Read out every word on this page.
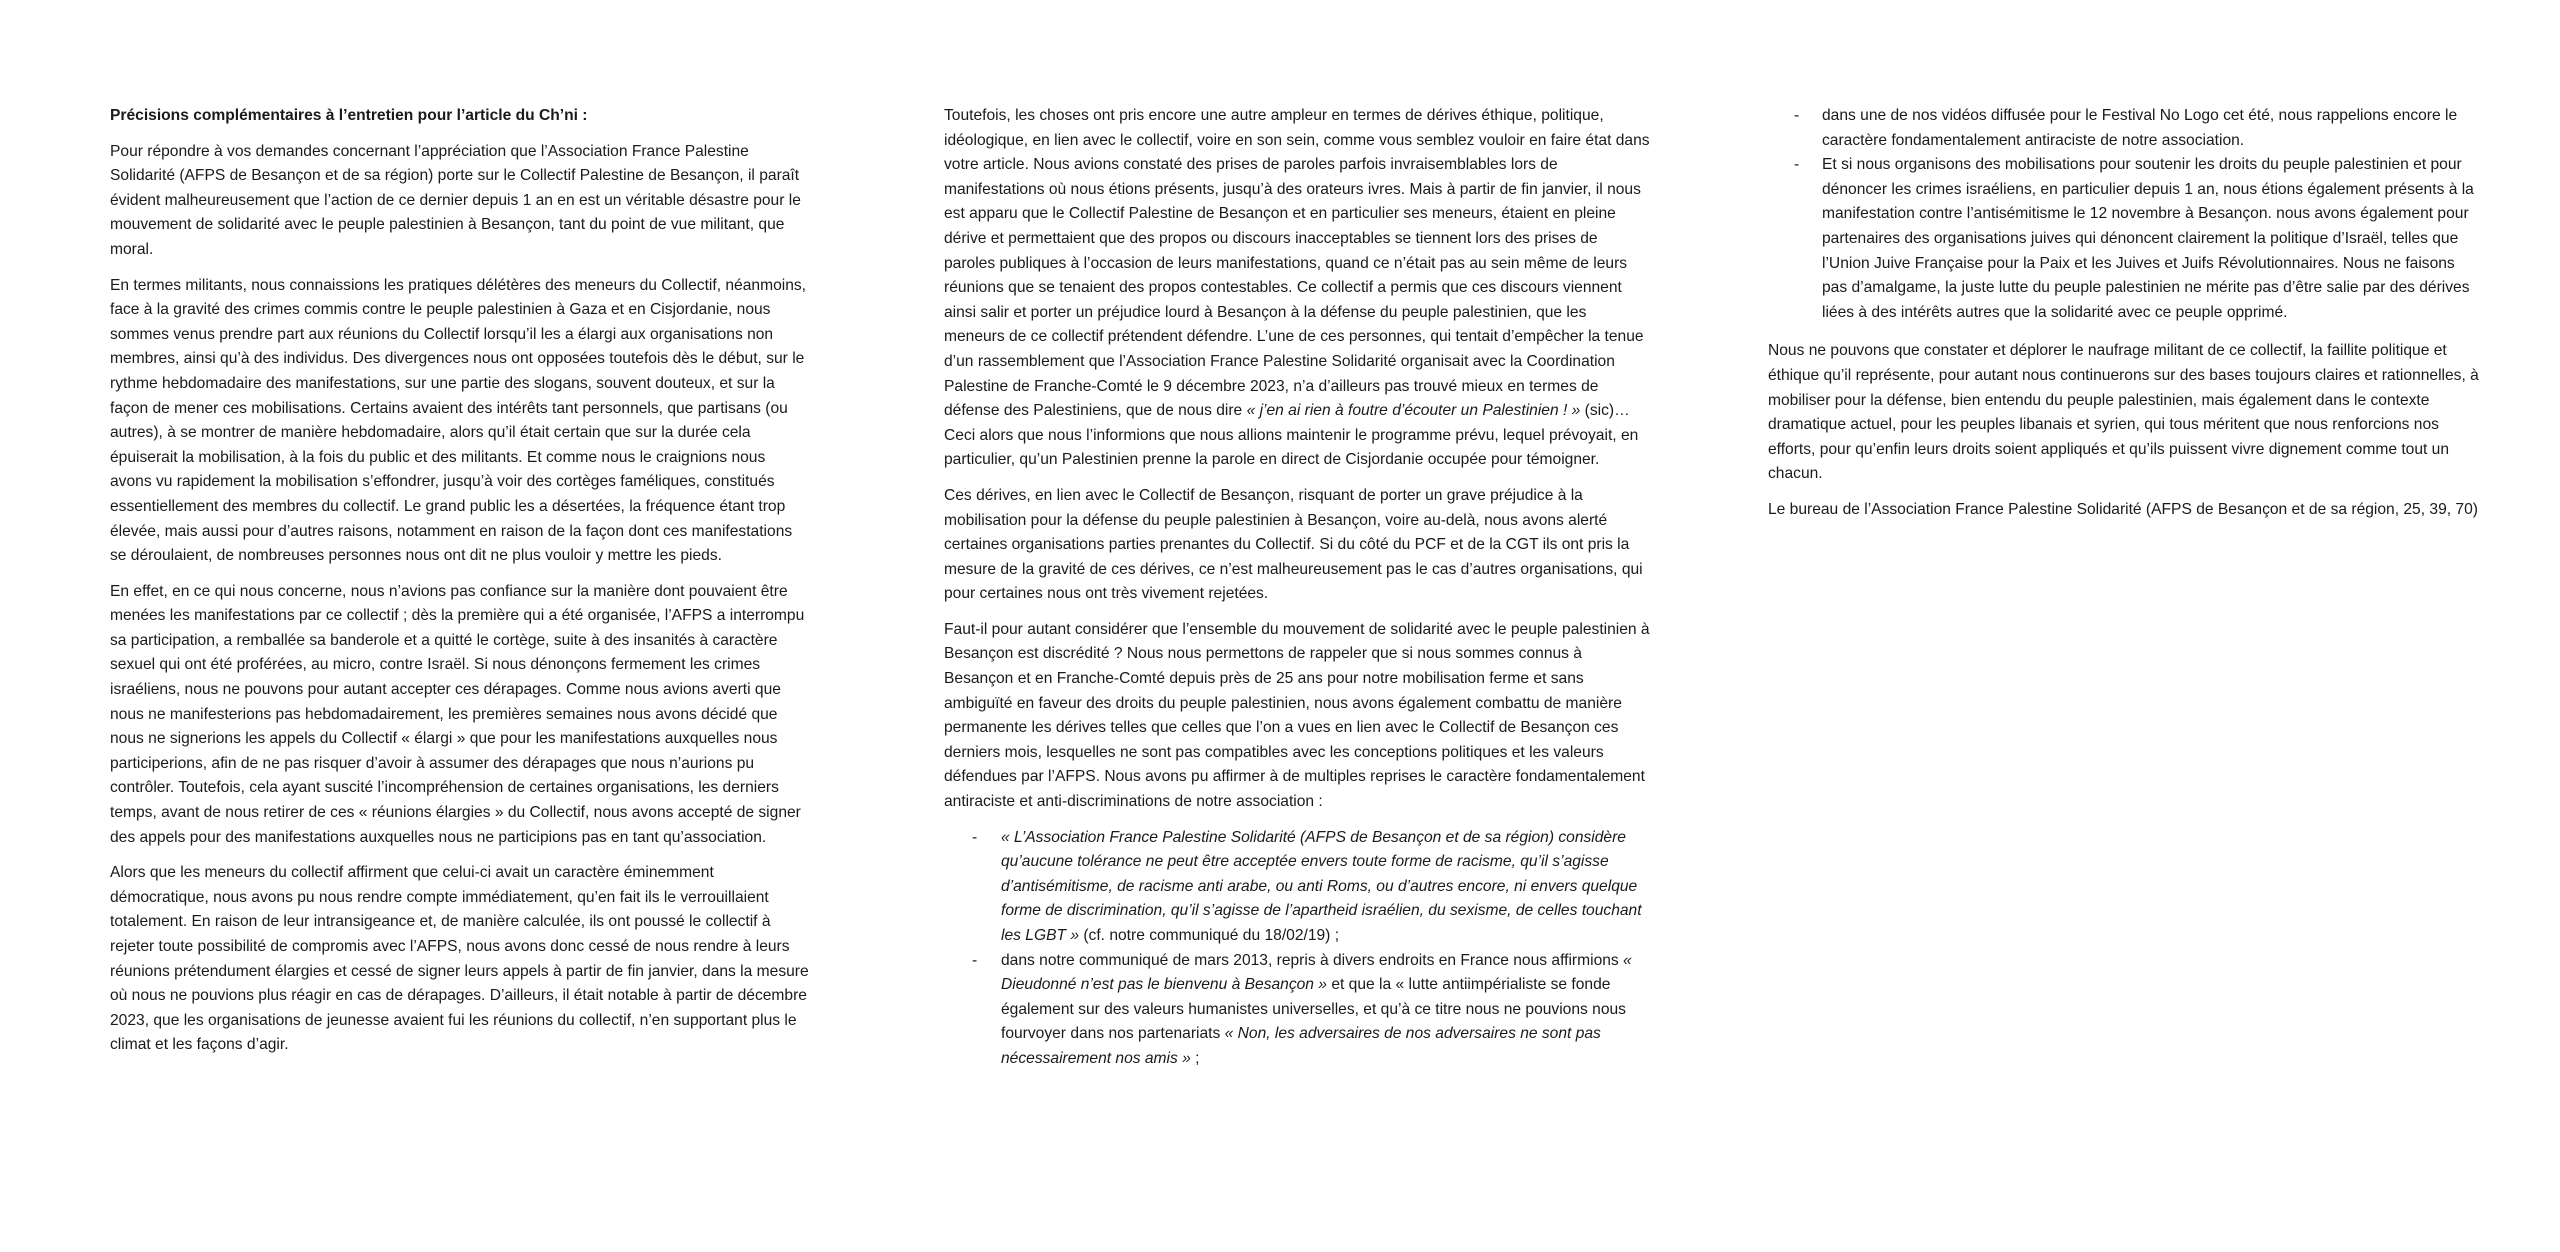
Précisions complémentaires à l’entretien pour l’article du Ch’ni :

Pour répondre à vos demandes concernant l’appréciation que l’Association France Palestine Solidarité (AFPS de Besançon et de sa région) porte sur le Collectif Palestine de Besançon, il paraît évident malheureusement que l’action de ce dernier depuis 1 an en est un véritable désastre pour le mouvement de solidarité avec le peuple palestinien à Besançon, tant du point de vue militant, que moral.

En termes militants, nous connaissions les pratiques délétères des meneurs du Collectif, néanmoins, face à la gravité des crimes commis contre le peuple palestinien à Gaza et en Cisjordanie, nous sommes venus prendre part aux réunions du Collectif lorsqu’il les a élargi aux organisations non membres, ainsi qu’à des individus. Des divergences nous ont opposées toutefois dès le début, sur le rythme hebdomadaire des manifestations, sur une partie des slogans, souvent douteux, et sur la façon de mener ces mobilisations. Certains avaient des intérêts tant personnels, que partisans (ou autres), à se montrer de manière hebdomadaire, alors qu’il était certain que sur la durée cela épuiserait la mobilisation, à la fois du public et des militants. Et comme nous le craignions nous avons vu rapidement la mobilisation s’effondrer, jusqu’à voir des cortèges faméliques, constitués essentiellement des membres du collectif. Le grand public les a désertées, la fréquence étant trop élevée, mais aussi pour d’autres raisons, notamment en raison de la façon dont ces manifestations se déroulaient, de nombreuses personnes nous ont dit ne plus vouloir y mettre les pieds.

En effet, en ce qui nous concerne, nous n’avions pas confiance sur la manière dont pouvaient être menées les manifestations par ce collectif ; dès la première qui a été organisée, l’AFPS a interrompu sa participation, a remballée sa banderole et a quitté le cortège, suite à des insanités à caractère sexuel qui ont été proférées, au micro, contre Israël. Si nous dénonçons fermement les crimes israéliens, nous ne pouvons pour autant accepter ces dérapages. Comme nous avions averti que nous ne manifesterions pas hebdomadairement, les premières semaines nous avons décidé que nous ne signerions les appels du Collectif « élargi » que pour les manifestations auxquelles nous participerions, afin de ne pas risquer d’avoir à assumer des dérapages que nous n’aurions pu contrôler. Toutefois, cela ayant suscité l’incompréhension de certaines organisations, les derniers temps, avant de nous retirer de ces « réunions élargies » du Collectif, nous avons accepté de signer des appels pour des manifestations auxquelles nous ne participions pas en tant qu’association.

Alors que les meneurs du collectif affirment que celui-ci avait un caractère éminemment démocratique, nous avons pu nous rendre compte immédiatement, qu’en fait ils le verrouillaient totalement. En raison de leur intransigeance et, de manière calculée, ils ont poussé le collectif à rejeter toute possibilité de compromis avec l’AFPS, nous avons donc cessé de nous rendre à leurs réunions prétendument élargies et cessé de signer leurs appels à partir de fin janvier, dans la mesure où nous ne pouvions plus réagir en cas de dérapages. D’ailleurs, il était notable à partir de décembre 2023, que les organisations de jeunesse avaient fui les réunions du collectif, n’en supportant plus le climat et les façons d’agir.

Toutefois, les choses ont pris encore une autre ampleur en termes de dérives éthique, politique, idéologique, en lien avec le collectif, voire en son sein, comme vous semblez vouloir en faire état dans votre article. Nous avions constaté des prises de paroles parfois invraisemblables lors de manifestations où nous étions présents, jusqu’à des orateurs ivres. Mais à partir de fin janvier, il nous est apparu que le Collectif Palestine de Besançon et en particulier ses meneurs, étaient en pleine dérive et permettaient que des propos ou discours inacceptables se tiennent lors des prises de paroles publiques à l’occasion de leurs manifestations, quand ce n’était pas au sein même de leurs réunions que se tenaient des propos contestables. Ce collectif a permis que ces discours viennent ainsi salir et porter un préjudice lourd à Besançon à la défense du peuple palestinien, que les meneurs de ce collectif prétendent défendre. L’une de ces personnes, qui tentait d’empêcher la tenue d’un rassemblement que l’Association France Palestine Solidarité organisait avec la Coordination Palestine de Franche-Comté le 9 décembre 2023, n’a d’ailleurs pas trouvé mieux en termes de défense des Palestiniens, que de nous dire « j’en ai rien à foutre d’écouter un Palestinien ! » (sic)… Ceci alors que nous l’informions que nous allions maintenir le programme prévu, lequel prévoyait, en particulier, qu’un Palestinien prenne la parole en direct de Cisjordanie occupée pour témoigner.

Ces dérives, en lien avec le Collectif de Besançon, risquant de porter un grave préjudice à la mobilisation pour la défense du peuple palestinien à Besançon, voire au-delà, nous avons alerté certaines organisations parties prenantes du Collectif. Si du côté du PCF et de la CGT ils ont pris la mesure de la gravité de ces dérives, ce n’est malheureusement pas le cas d’autres organisations, qui pour certaines nous ont très vivement rejetées.

Faut-il pour autant considérer que l’ensemble du mouvement de solidarité avec le peuple palestinien à Besançon est discrédité ? Nous nous permettons de rappeler que si nous sommes connus à Besançon et en Franche-Comté depuis près de 25 ans pour notre mobilisation ferme et sans ambiguïté en faveur des droits du peuple palestinien, nous avons également combattu de manière permanente les dérives telles que celles que l’on a vues en lien avec le Collectif de Besançon ces derniers mois, lesquelles ne sont pas compatibles avec les conceptions politiques et les valeurs défendues par l’AFPS. Nous avons pu affirmer à de multiples reprises le caractère fondamentalement antiraciste et anti-discriminations de notre association :

- « L’Association France Palestine Solidarité (AFPS de Besançon et de sa région) considère qu’aucune tolérance ne peut être acceptée envers toute forme de racisme, qu’il s’agisse d’antisémitisme, de racisme anti arabe, ou anti Roms, ou d’autres encore, ni envers quelque forme de discrimination, qu’il s’agisse de l’apartheid israélien, du sexisme, de celles touchant les LGBT » (cf. notre communiqué du 18/02/19) ;
- dans notre communiqué de mars 2013, repris à divers endroits en France nous affirmions « Dieudonné n’est pas le bienvenu à Besançon » et que la « lutte antiimpérialiste se fonde également sur des valeurs humanistes universelles, et qu’à ce titre nous ne pouvions nous fourvoyer dans nos partenariats « Non, les adversaires de nos adversaires ne sont pas nécessairement nos amis » ;
- dans une de nos vidéos diffusée pour le Festival No Logo cet été, nous rappelions encore le caractère fondamentalement antiraciste de notre association.
- Et si nous organisons des mobilisations pour soutenir les droits du peuple palestinien et pour dénoncer les crimes israéliens, en particulier depuis 1 an, nous étions également présents à la manifestation contre l’antisémitisme le 12 novembre à Besançon. nous avons également pour partenaires des organisations juives qui dénoncent clairement la politique d’Israël, telles que l’Union Juive Française pour la Paix et les Juives et Juifs Révolutionnaires. Nous ne faisons pas d’amalgame, la juste lutte du peuple palestinien ne mérite pas d’être salie par des dérives liées à des intérêts autres que la solidarité avec ce peuple opprimé.

Nous ne pouvons que constater et déplorer le naufrage militant de ce collectif, la faillite politique et éthique qu’il représente, pour autant nous continuerons sur des bases toujours claires et rationnelles, à mobiliser pour la défense, bien entendu du peuple palestinien, mais également dans le contexte dramatique actuel, pour les peuples libanais et syrien, qui tous méritent que nous renforcions nos efforts, pour qu’enfin leurs droits soient appliqués et qu’ils puissent vivre dignement comme tout un chacun.

Le bureau de l’Association France Palestine Solidarité (AFPS de Besançon et de sa région, 25, 39, 70)
